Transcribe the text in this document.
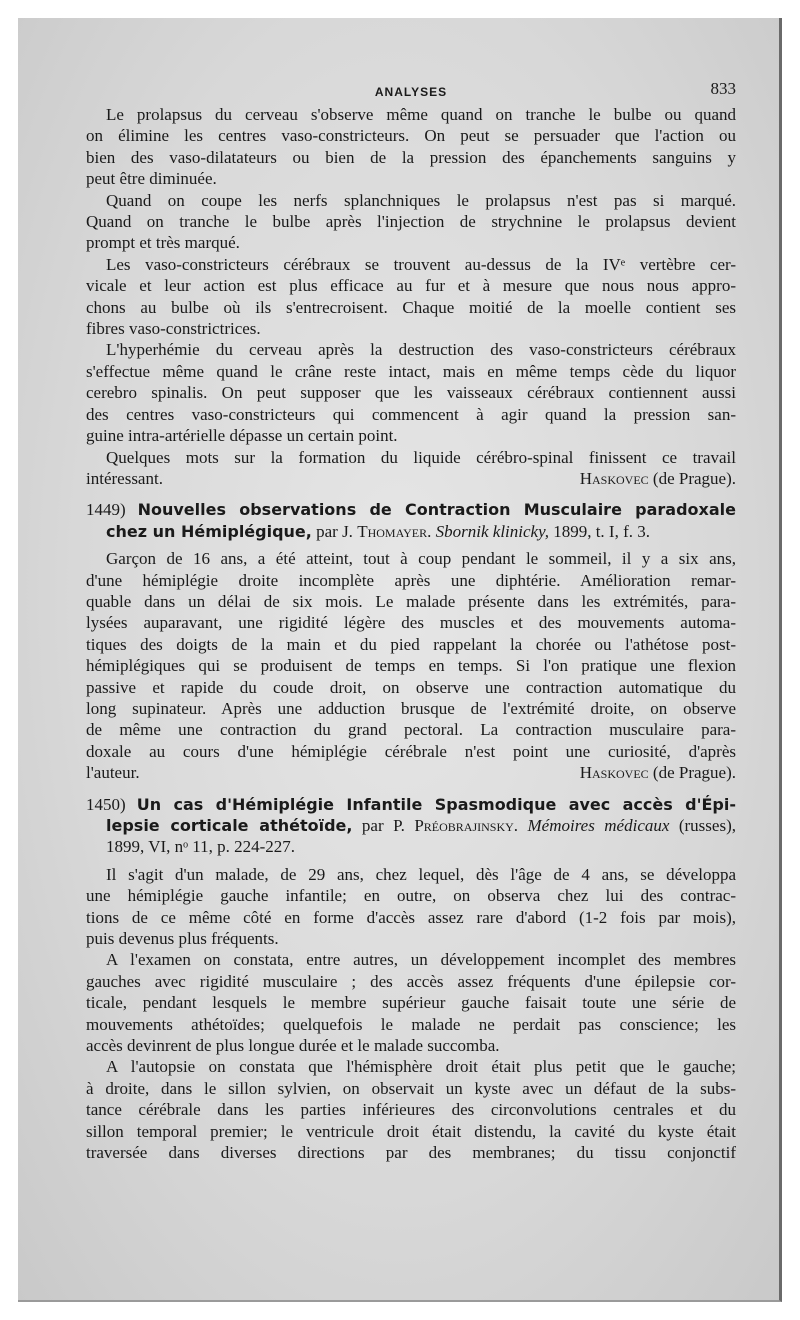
ANALYSES	833
Le prolapsus du cerveau s'observe même quand on tranche le bulbe ou quand
on élimine les centres vaso-constricteurs. On peut se persuader que l'action ou
bien des vaso-dilatateurs ou bien de la pression des épanchements sanguins y
peut être diminuée.
Quand on coupe les nerfs splanchniques le prolapsus n'est pas si marqué.
Quand on tranche le bulbe après l'injection de strychnine le prolapsus devient
prompt et très marqué.
Les vaso-constricteurs cérébraux se trouvent au-dessus de la IVᵉ vertèbre cer-
vicale et leur action est plus efficace au fur et à mesure que nous nous appro-
chons au bulbe où ils s'entrecroisent. Chaque moitié de la moelle contient ses
fibres vaso-constrictrices.
L'hyperhémie du cerveau après la destruction des vaso-constricteurs cérébraux
s'effectue même quand le crâne reste intact, mais en même temps cède du liquor
cerebro spinalis. On peut supposer que les vaisseaux cérébraux contiennent aussi
des centres vaso-constricteurs qui commencent à agir quand la pression san-
guine intra-artérielle dépasse un certain point.
Quelques mots sur la formation du liquide cérébro-spinal finissent ce travail
intéressant.	Haskovec (de Prague).
1449) Nouvelles observations de Contraction Musculaire paradoxale
chez un Hémiplégique, par J. Thomayer. Sbornik klinicky, 1899, t. I, f. 3.
Garçon de 16 ans, a été atteint, tout à coup pendant le sommeil, il y a six ans,
d'une hémiplégie droite incomplète après une diphtérie. Amélioration remar-
quable dans un délai de six mois. Le malade présente dans les extrémités, para-
lysées auparavant, une rigidité légère des muscles et des mouvements automa-
tiques des doigts de la main et du pied rappelant la chorée ou l'athétose post-
hémiplégiques qui se produisent de temps en temps. Si l'on pratique une flexion
passive et rapide du coude droit, on observe une contraction automatique du
long supinateur. Après une adduction brusque de l'extrémité droite, on observe
de même une contraction du grand pectoral. La contraction musculaire para-
doxale au cours d'une hémiplégie cérébrale n'est point une curiosité, d'après
l'auteur.	Haskovec (de Prague).
1450) Un cas d'Hémiplégie Infantile Spasmodique avec accès d'Épi-
lepsie corticale athétoïde, par P. Préobrajinsky. Mémoires médicaux (russes),
1899, VI, nᵒ 11, p. 224-227.
Il s'agit d'un malade, de 29 ans, chez lequel, dès l'âge de 4 ans, se développa
une hémiplégie gauche infantile; en outre, on observa chez lui des contrac-
tions de ce même côté en forme d'accès assez rare d'abord (1-2 fois par mois),
puis devenus plus fréquents.
A l'examen on constata, entre autres, un développement incomplet des membres
gauches avec rigidité musculaire ; des accès assez fréquents d'une épilepsie cor-
ticale, pendant lesquels le membre supérieur gauche faisait toute une série de
mouvements athétoïdes; quelquefois le malade ne perdait pas conscience; les
accès devinrent de plus longue durée et le malade succomba.
A l'autopsie on constata que l'hémisphère droit était plus petit que le gauche;
à droite, dans le sillon sylvien, on observait un kyste avec un défaut de la subs-
tance cérébrale dans les parties inférieures des circonvolutions centrales et du
sillon temporal premier; le ventricule droit était distendu, la cavité du kyste était
traversée dans diverses directions par des membranes; du tissu conjonctif
